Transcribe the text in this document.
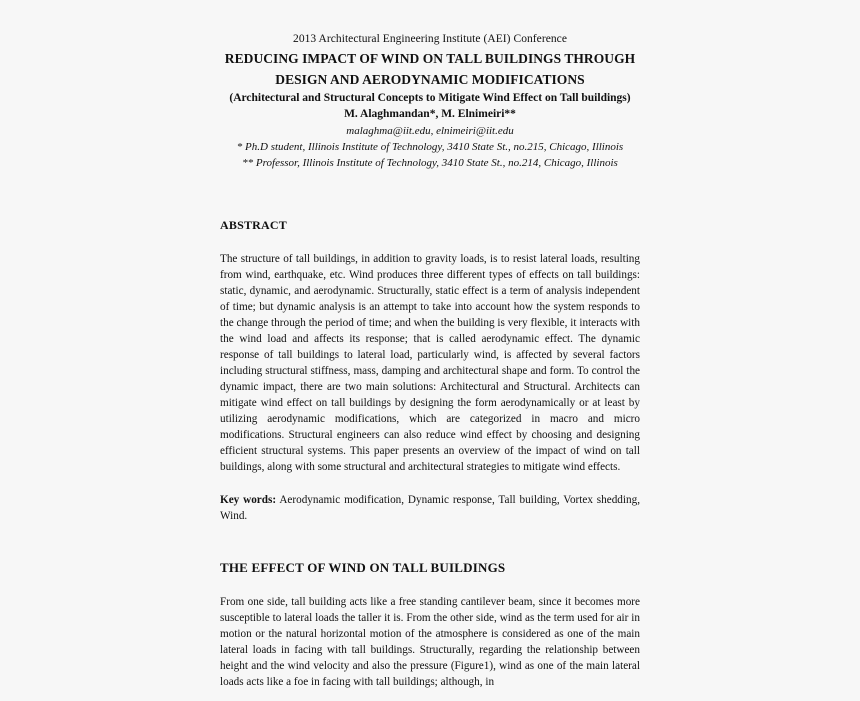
2013 Architectural Engineering Institute (AEI) Conference
REDUCING IMPACT OF WIND ON TALL BUILDINGS THROUGH
DESIGN AND AERODYNAMIC MODIFICATIONS
(Architectural and Structural Concepts to Mitigate Wind Effect on Tall buildings)
M. Alaghmandan*, M. Elnimeiri**
malaghma@iit.edu, elnimeiri@iit.edu
* Ph.D student, Illinois Institute of Technology, 3410 State St., no.215, Chicago, Illinois
** Professor, Illinois Institute of Technology, 3410 State St., no.214, Chicago, Illinois
ABSTRACT

The structure of tall buildings, in addition to gravity loads, is to resist lateral loads, resulting from wind, earthquake, etc. Wind produces three different types of effects on tall buildings: static, dynamic, and aerodynamic. Structurally, static effect is a term of analysis independent of time; but dynamic analysis is an attempt to take into account how the system responds to the change through the period of time; and when the building is very flexible, it interacts with the wind load and affects its response; that is called aerodynamic effect. The dynamic response of tall buildings to lateral load, particularly wind, is affected by several factors including structural stiffness, mass, damping and architectural shape and form. To control the dynamic impact, there are two main solutions: Architectural and Structural. Architects can mitigate wind effect on tall buildings by designing the form aerodynamically or at least by utilizing aerodynamic modifications, which are categorized in macro and micro modifications. Structural engineers can also reduce wind effect by choosing and designing efficient structural systems. This paper presents an overview of the impact of wind on tall buildings, along with some structural and architectural strategies to mitigate wind effects.

Key words: Aerodynamic modification, Dynamic response, Tall building, Vortex shedding, Wind.

THE EFFECT OF WIND ON TALL BUILDINGS

From one side, tall building acts like a free standing cantilever beam, since it becomes more susceptible to lateral loads the taller it is. From the other side, wind as the term used for air in motion or the natural horizontal motion of the atmosphere is considered as one of the main lateral loads in facing with tall buildings. Structurally, regarding the relationship between height and the wind velocity and also the pressure (Figure1), wind as one of the main lateral loads acts like a foe in facing with tall buildings; although, in
